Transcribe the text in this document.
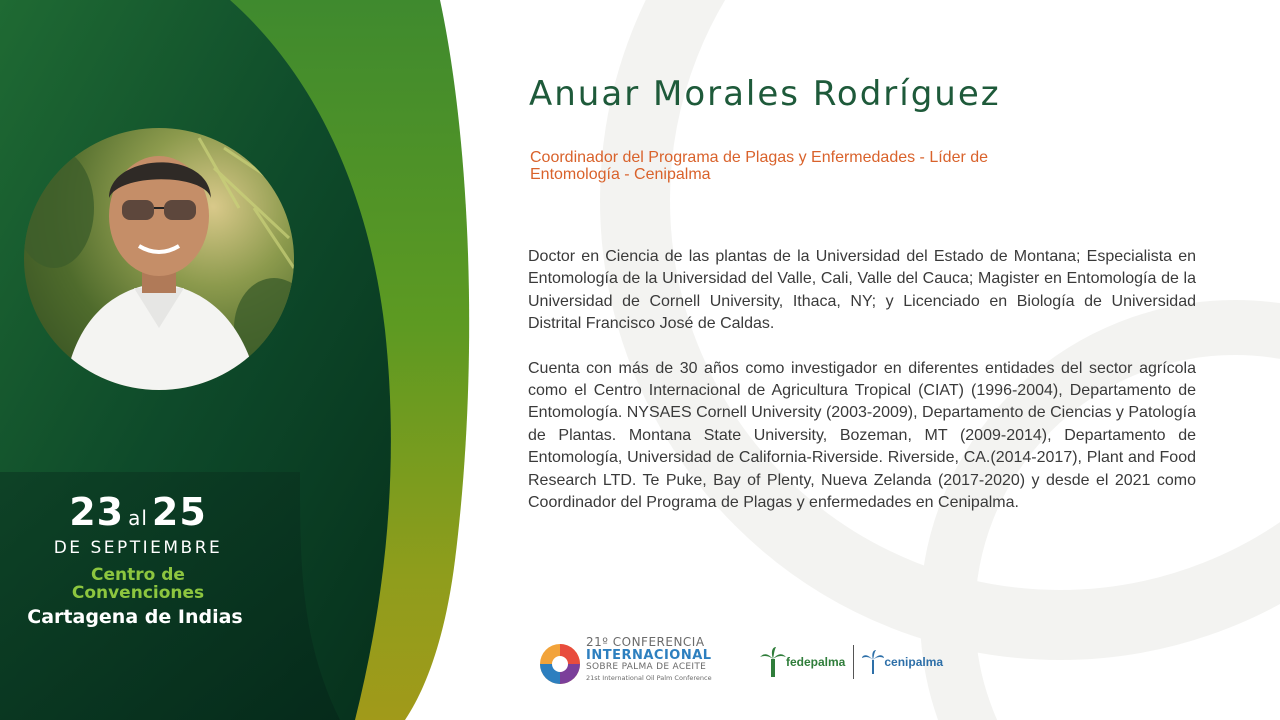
23 al 25
DE SEPTIEMBRE
Centro de
Convenciones
Cartagena de Indias
Anuar Morales Rodríguez
Coordinador del Programa de Plagas y Enfermedades - Líder de Entomología - Cenipalma

Doctor en Ciencia de las plantas de la Universidad del Estado de Montana; Especialista en Entomología de la Universidad del Valle, Cali, Valle del Cauca; Magister en Entomología de la Universidad de Cornell University, Ithaca, NY; y Licenciado en Biología de Universidad Distrital Francisco José de Caldas.

Cuenta con más de 30 años como investigador en diferentes entidades del sector agrícola como el Centro Internacional de Agricultura Tropical (CIAT) (1996-2004), Departamento de Entomología. NYSAES Cornell University (2003-2009), Departamento de Ciencias y Patología de Plantas. Montana State University, Bozeman, MT (2009-2014), Departamento de Entomología, Universidad de California-Riverside. Riverside, CA.(2014-2017), Plant and Food Research LTD. Te Puke, Bay of Plenty, Nueva Zelanda (2017-2020) y desde el 2021 como Coordinador del Programa de Plagas y enfermedades en Cenipalma.

21º CONFERENCIA
INTERNACIONAL
SOBRE PALMA DE ACEITE
21st International Oil Palm Conference
fedepalma	cenipalma
